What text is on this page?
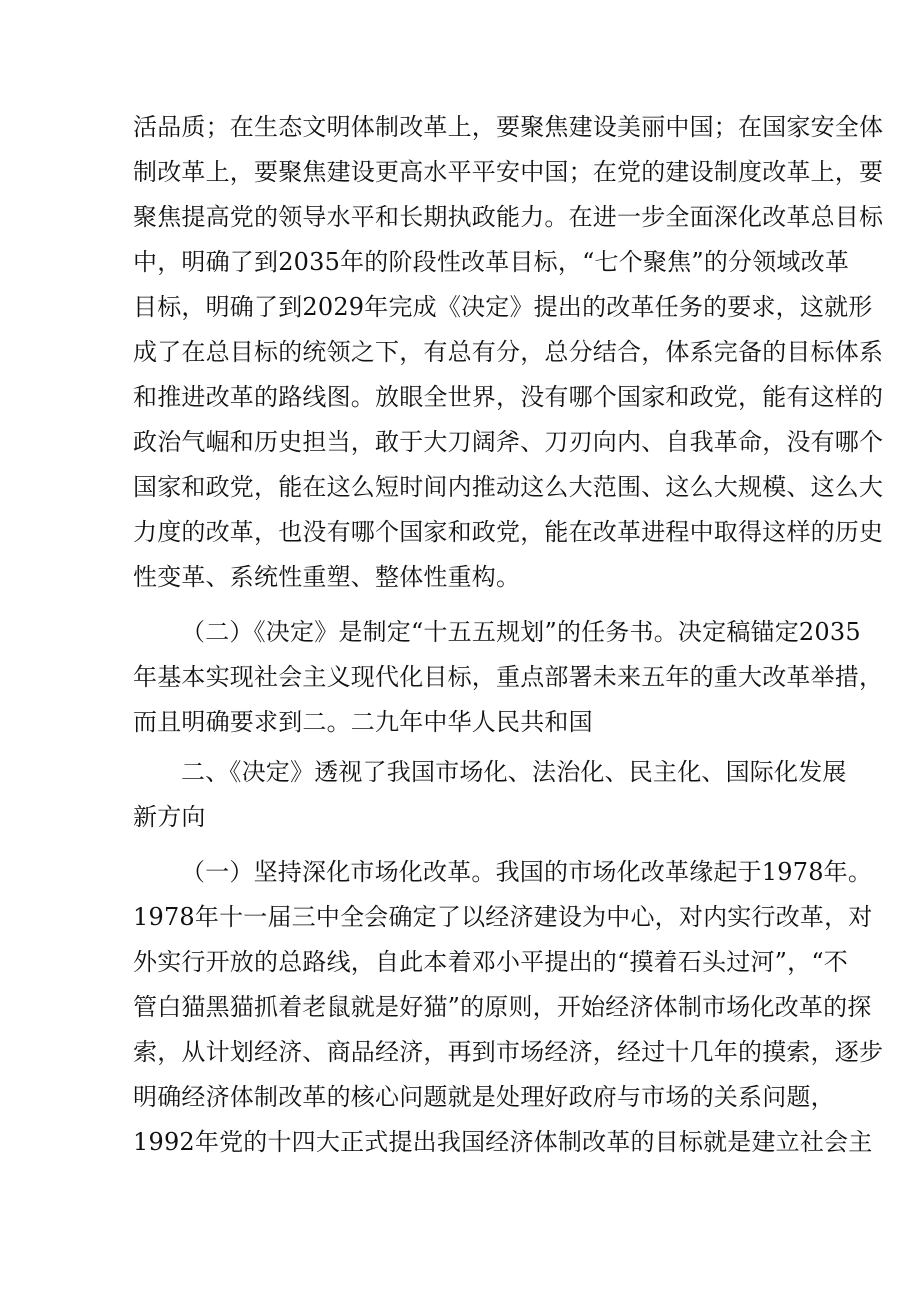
活品质；在生态文明体制改革上，要聚焦建设美丽中国；在国家安全体
制改革上，要聚焦建设更高水平平安中国；在党的建设制度改革上，要
聚焦提高党的领导水平和长期执政能力。在进一步全面深化改革总目标
中，明确了到2035年的阶段性改革目标，“七个聚焦”的分领域改革
目标，明确了到2029年完成《决定》提出的改革任务的要求，这就形
成了在总目标的统领之下，有总有分，总分结合，体系完备的目标体系
和推进改革的路线图。放眼全世界，没有哪个国家和政党，能有这样的
政治气崛和历史担当，敢于大刀阔斧、刀刃向内、自我革命，没有哪个
国家和政党，能在这么短时间内推动这么大范围、这么大规模、这么大
力度的改革，也没有哪个国家和政党，能在改革进程中取得这样的历史
性变革、系统性重塑、整体性重构。
（二）《决定》是制定“十五五规划”的任务书。决定稿锚定2035
年基本实现社会主义现代化目标，重点部署未来五年的重大改革举措，
而且明确要求到二。二九年中华人民共和国
二、《决定》透视了我国市场化、法治化、民主化、国际化发展
新方向
（一）坚持深化市场化改革。我国的市场化改革缘起于1978年。
1978年十一届三中全会确定了以经济建设为中心，对内实行改革，对
外实行开放的总路线，自此本着邓小平提出的“摸着石头过河”，“不
管白猫黑猫抓着老鼠就是好猫”的原则，开始经济体制市场化改革的探
索，从计划经济、商品经济，再到市场经济，经过十几年的摸索，逐步
明确经济体制改革的核心问题就是处理好政府与市场的关系问题，
1992年党的十四大正式提出我国经济体制改革的目标就是建立社会主
